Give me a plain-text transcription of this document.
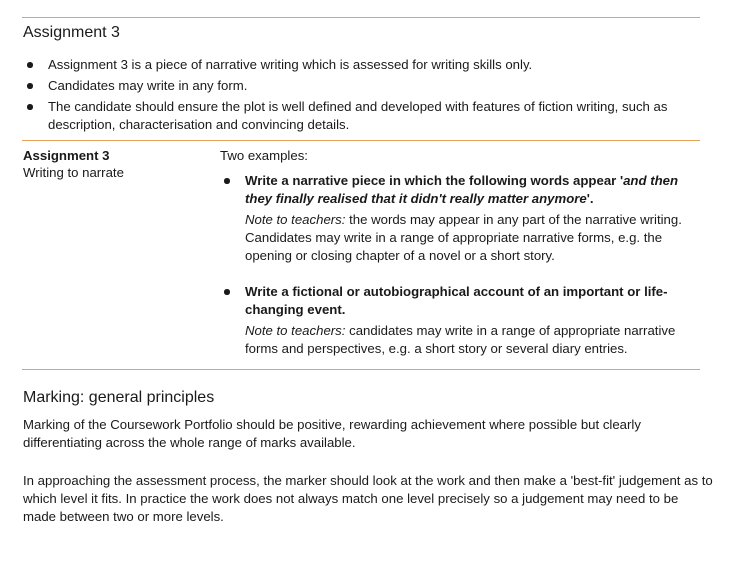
Assignment 3
Assignment 3 is a piece of narrative writing which is assessed for writing skills only.
Candidates may write in any form.
The candidate should ensure the plot is well defined and developed with features of fiction writing, such as description, characterisation and convincing details.
Assignment 3
Writing to narrate
Two examples:

Write a narrative piece in which the following words appear 'and then they finally realised that it didn't really matter anymore'.

Note to teachers: the words may appear in any part of the narrative writing. Candidates may write in a range of appropriate narrative forms, e.g. the opening or closing chapter of a novel or a short story.

Write a fictional or autobiographical account of an important or life-changing event.

Note to teachers: candidates may write in a range of appropriate narrative forms and perspectives, e.g. a short story or several diary entries.

Marking: general principles

Marking of the Coursework Portfolio should be positive, rewarding achievement where possible but clearly differentiating across the whole range of marks available.

In approaching the assessment process, the marker should look at the work and then make a 'best-fit' judgement as to which level it fits. In practice the work does not always match one level precisely so a judgement may need to be made between two or more levels.
